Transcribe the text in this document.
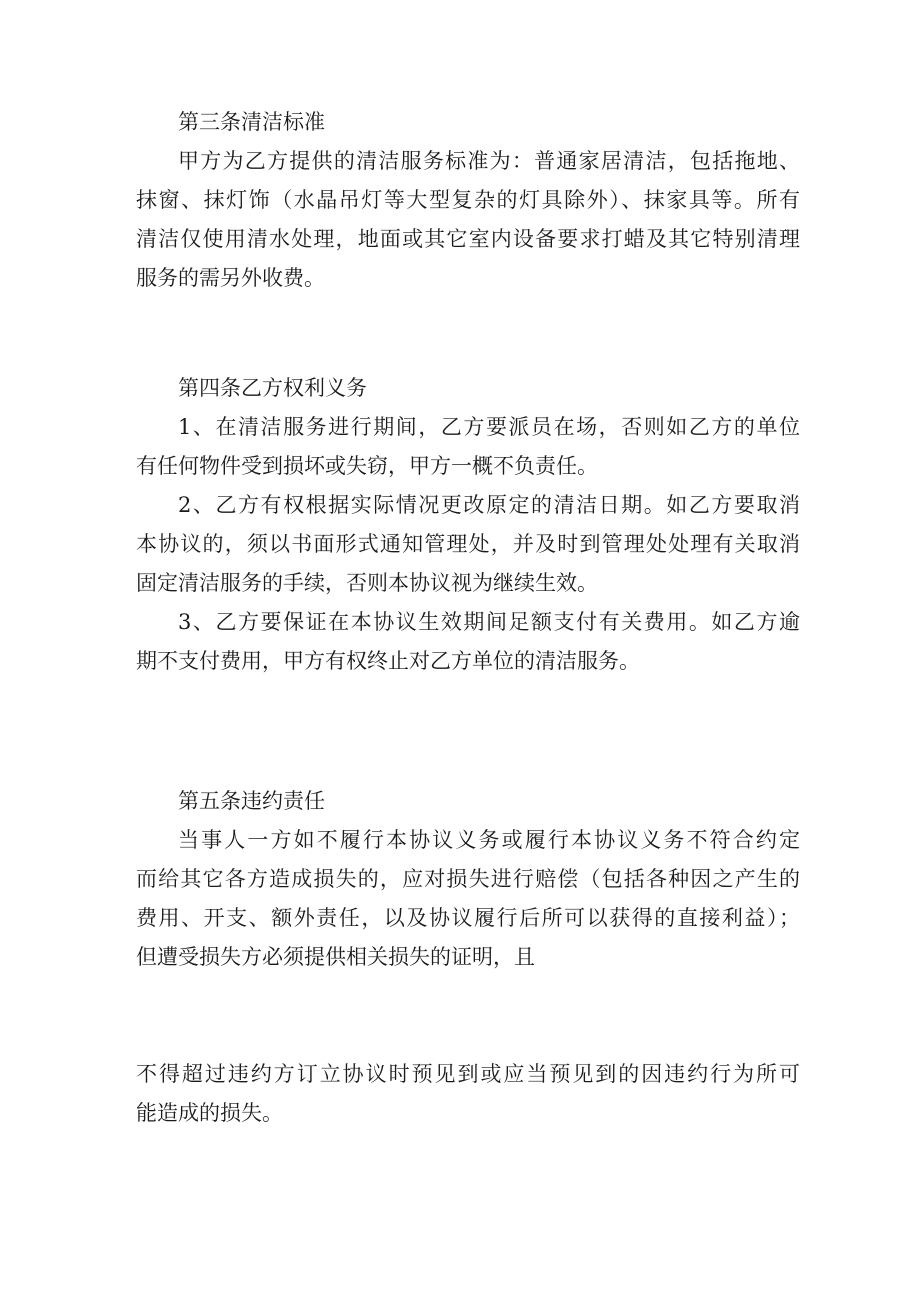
第三条清洁标准
甲方为乙方提供的清洁服务标准为：普通家居清洁，包括拖地、
抹窗、抹灯饰（水晶吊灯等大型复杂的灯具除外）、抹家具等。所有
清洁仅使用清水处理，地面或其它室内设备要求打蜡及其它特别清理
服务的需另外收费。
第四条乙方权利义务
1、在清洁服务进行期间，乙方要派员在场，否则如乙方的单位
有任何物件受到损坏或失窃，甲方一概不负责任。
2、乙方有权根据实际情况更改原定的清洁日期。如乙方要取消
本协议的，须以书面形式通知管理处，并及时到管理处处理有关取消
固定清洁服务的手续，否则本协议视为继续生效。
3、乙方要保证在本协议生效期间足额支付有关费用。如乙方逾
期不支付费用，甲方有权终止对乙方单位的清洁服务。
第五条违约责任
当事人一方如不履行本协议义务或履行本协议义务不符合约定
而给其它各方造成损失的，应对损失进行赔偿（包括各种因之产生的
费用、开支、额外责任，以及协议履行后所可以获得的直接利益）；
但遭受损失方必须提供相关损失的证明，且
不得超过违约方订立协议时预见到或应当预见到的因违约行为所可
能造成的损失。
